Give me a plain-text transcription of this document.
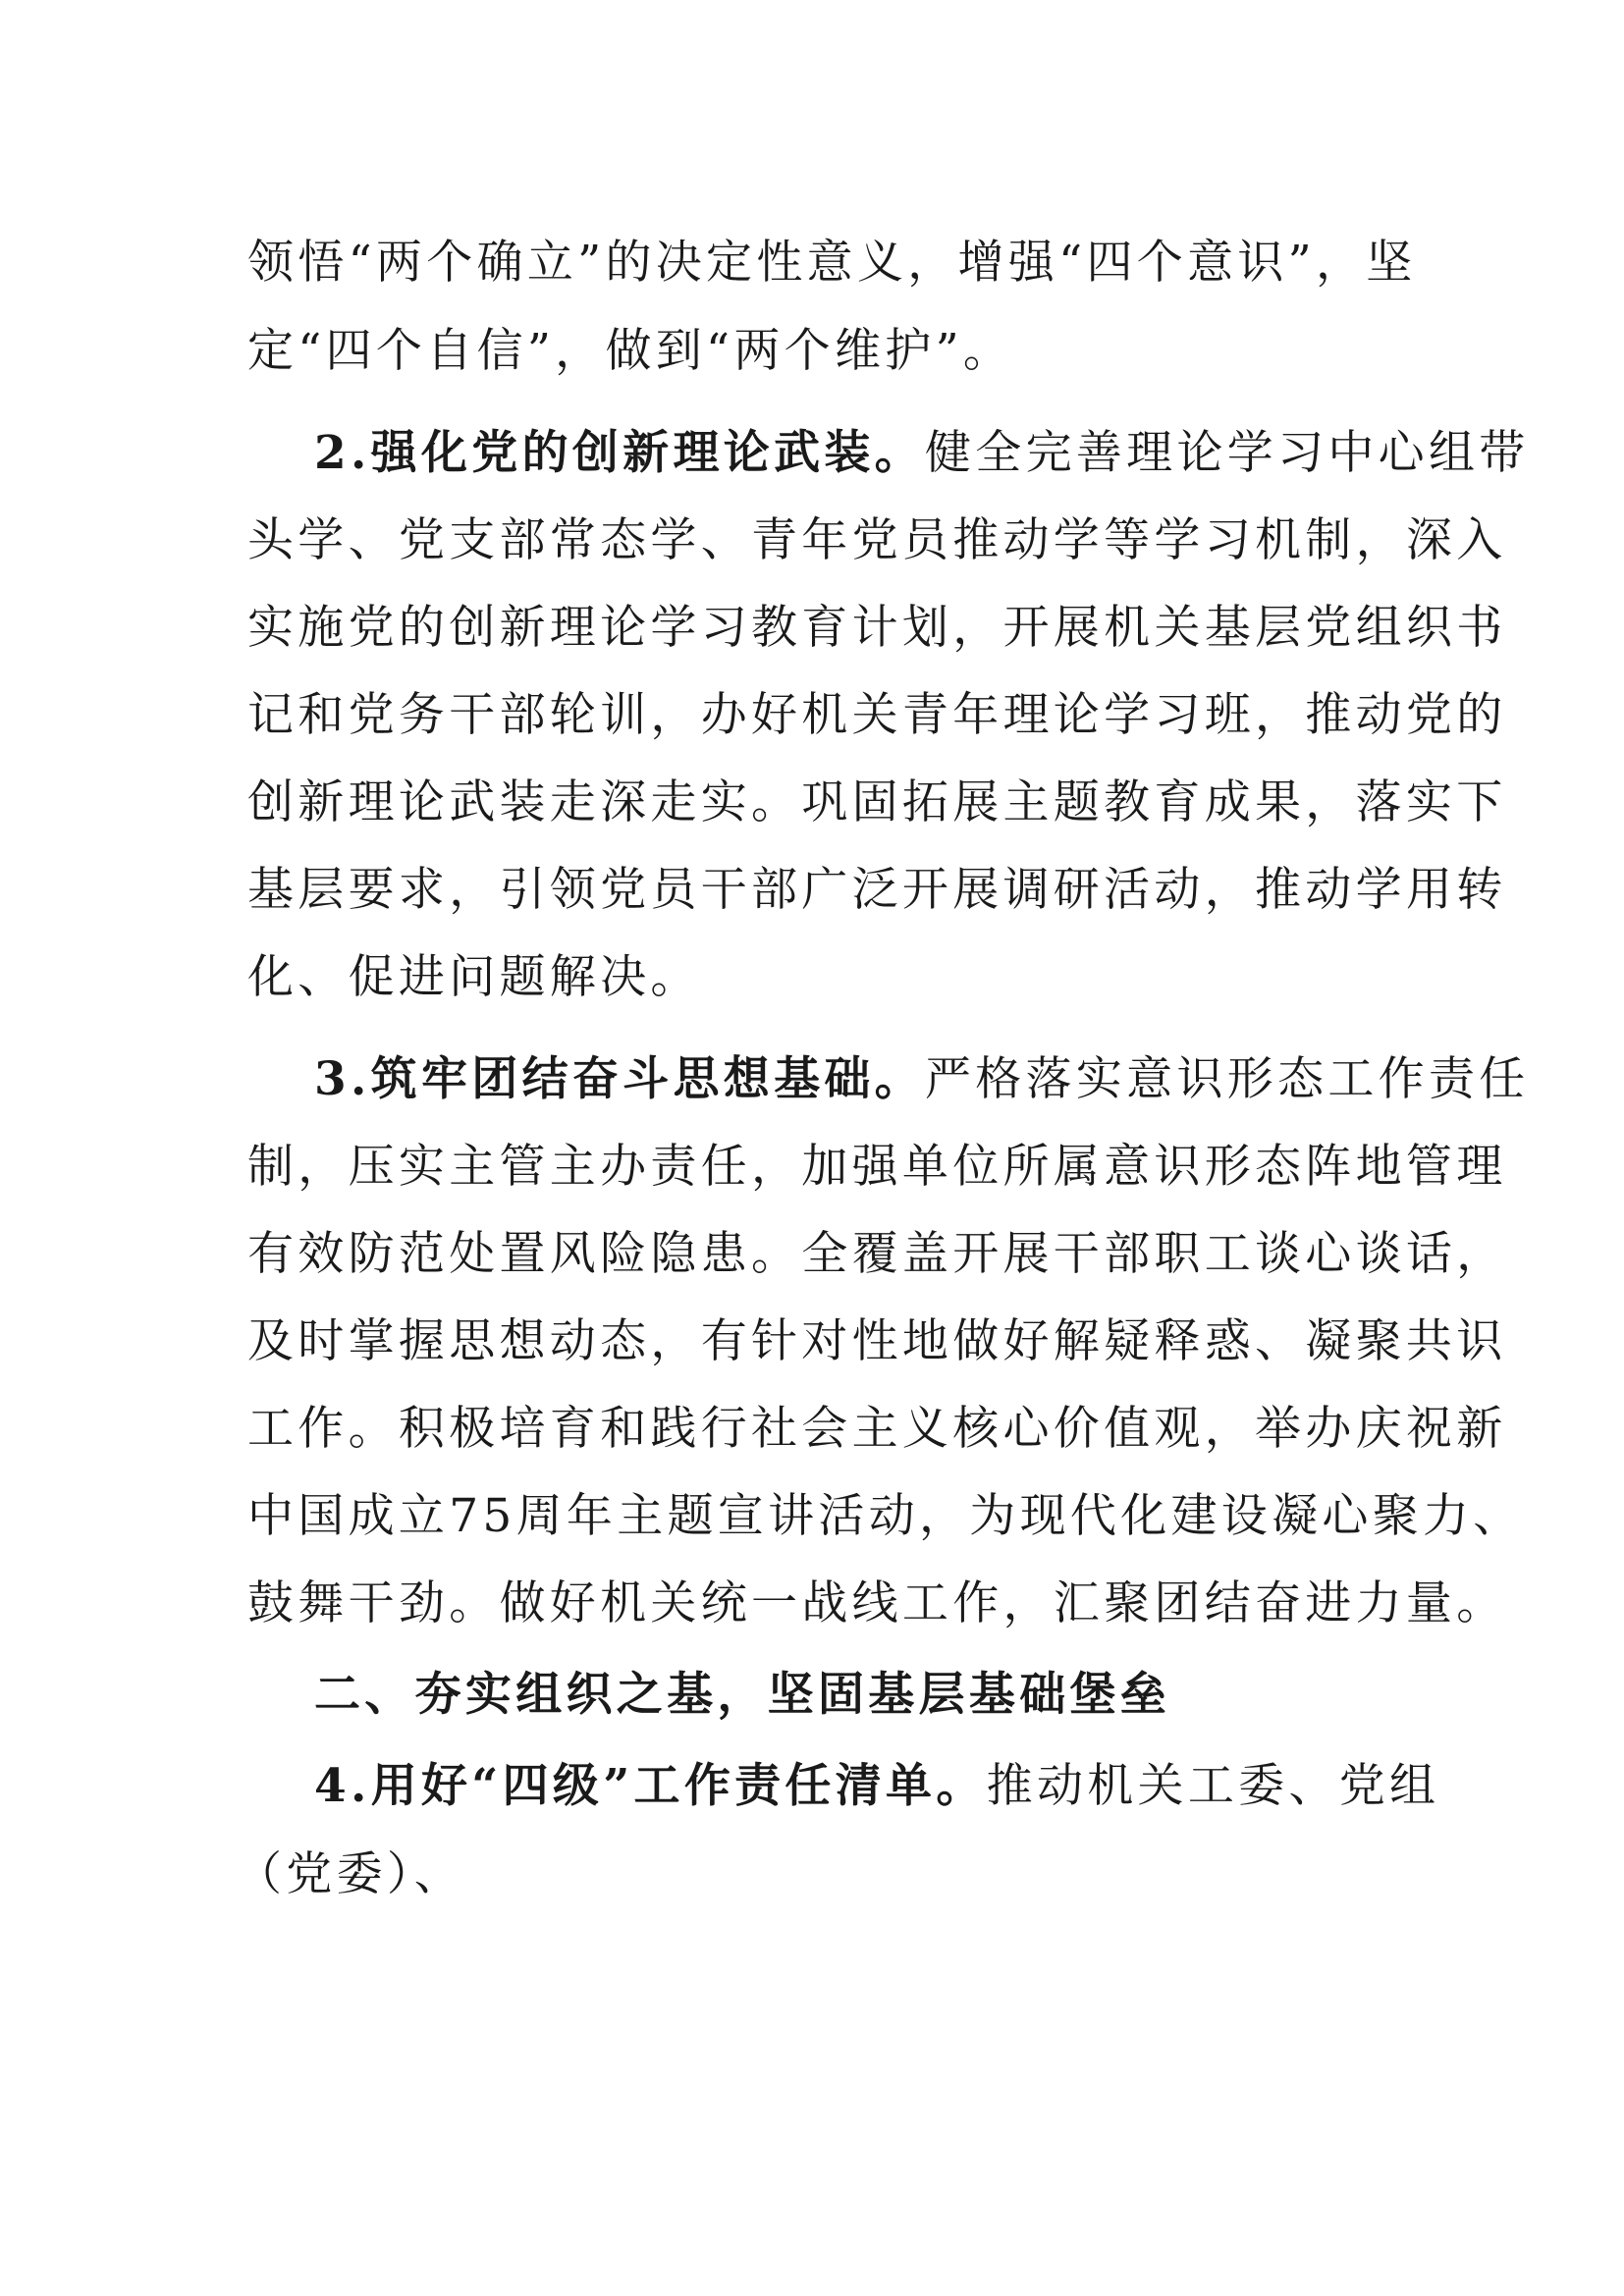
领悟“两个确立”的决定性意义，增强“四个意识”，坚
定“四个自信”，做到“两个维护”。
2.强化党的创新理论武装。健全完善理论学习中心组带
头学、党支部常态学、青年党员推动学等学习机制，深入
实施党的创新理论学习教育计划，开展机关基层党组织书
记和党务干部轮训，办好机关青年理论学习班，推动党的
创新理论武装走深走实。巩固拓展主题教育成果，落实下
基层要求，引领党员干部广泛开展调研活动，推动学用转
化、促进问题解决。
3.筑牢团结奋斗思想基础。严格落实意识形态工作责任
制，压实主管主办责任，加强单位所属意识形态阵地管理
有效防范处置风险隐患。全覆盖开展干部职工谈心谈话，
及时掌握思想动态，有针对性地做好解疑释惑、凝聚共识
工作。积极培育和践行社会主义核心价值观，举办庆祝新
中国成立75周年主题宣讲活动，为现代化建设凝心聚力、
鼓舞干劲。做好机关统一战线工作，汇聚团结奋进力量。
二、夯实组织之基，坚固基层基础堡垒
4.用好“四级”工作责任清单。推动机关工委、党组
（党委）、
